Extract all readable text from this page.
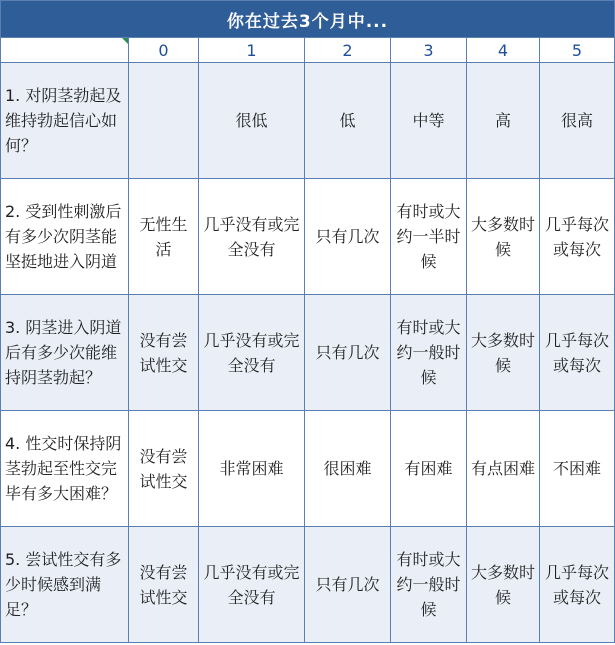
你在过去3个月中...						

	0	1	2	3	4	5
1. 对阴茎勃起及维持勃起信心如何？		很低	低	中等	高	很高
2. 受到性刺激后有多少次阴茎能坚挺地进入阴道	无性生活	几乎没有或完全没有	只有几次	有时或大约一半时候	大多数时候	几乎每次或每次
3. 阴茎进入阴道后有多少次能维持阴茎勃起？	没有尝试性交	几乎没有或完全没有	只有几次	有时或大约一般时候	大多数时候	几乎每次或每次
4. 性交时保持阴茎勃起至性交完毕有多大困难？	没有尝试性交	非常困难	很困难	有困难	有点困难	不困难
5. 尝试性交有多少时候感到满足？	没有尝试性交	几乎没有或完全没有	只有几次	有时或大约一般时候	大多数时候	几乎每次或每次
